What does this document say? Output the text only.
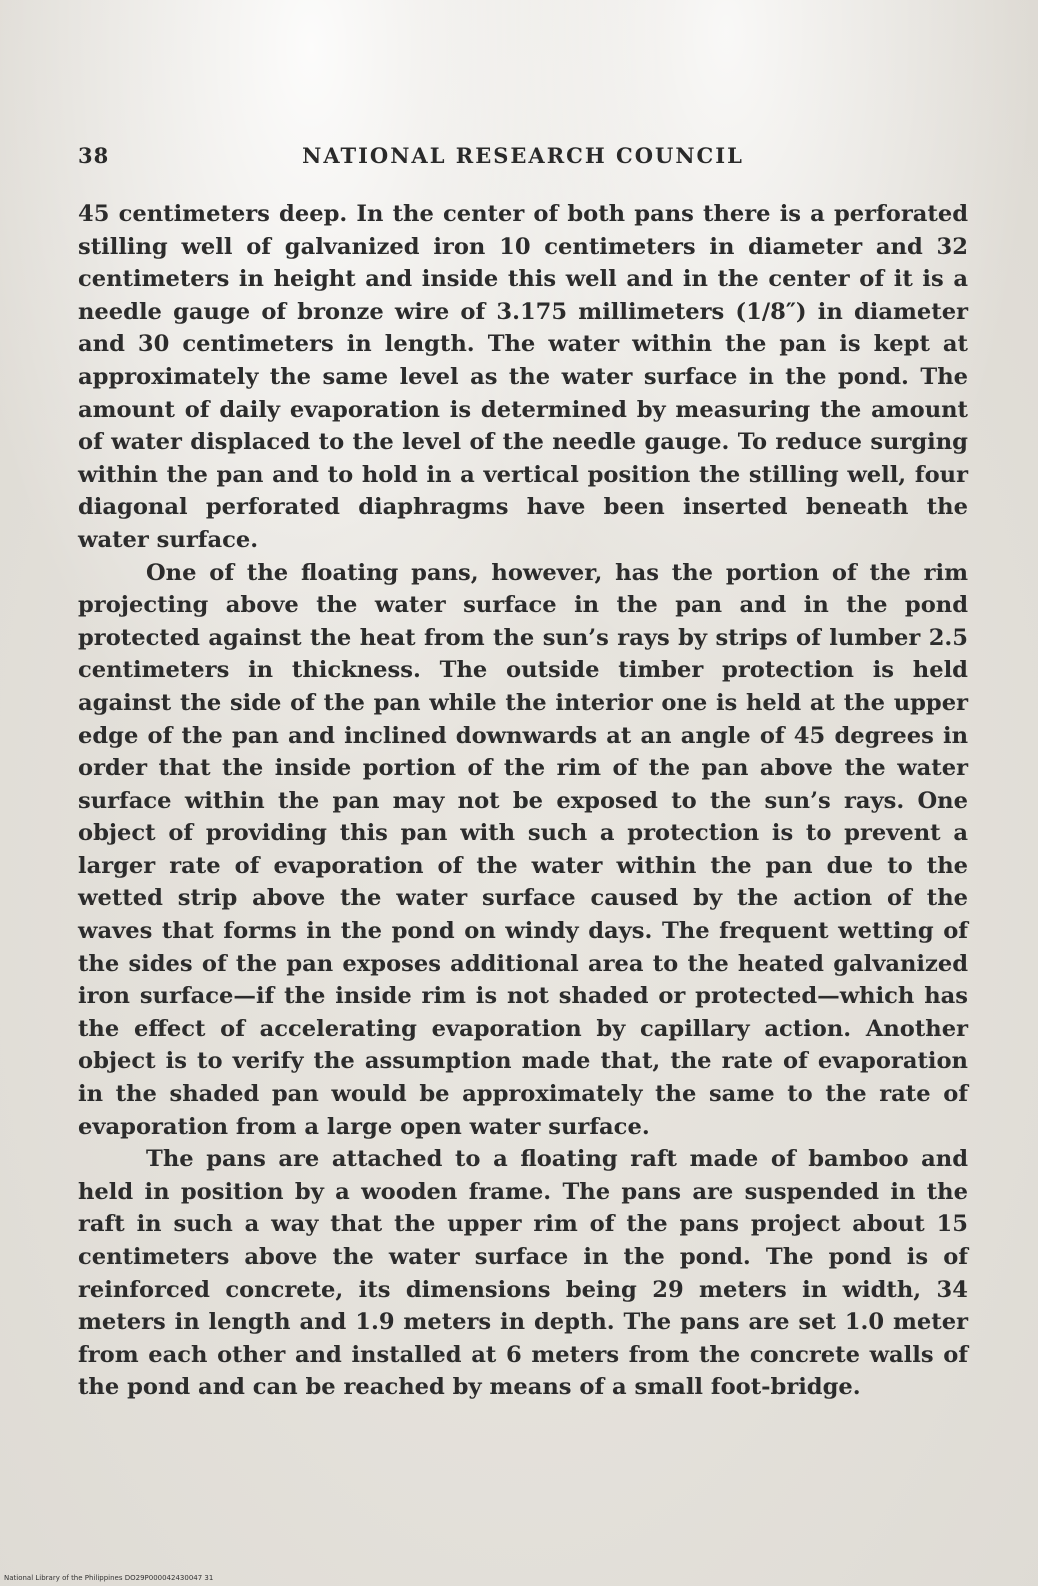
38	NATIONAL RESEARCH COUNCIL

45 centimeters deep. In the center of both pans there is a perforated stilling well of galvanized iron 10 centimeters in diameter and 32 centimeters in height and inside this well and in the center of it is a needle gauge of bronze wire of 3.175 millimeters (1/8″) in diameter and 30 centimeters in length. The water within the pan is kept at approximately the same level as the water surface in the pond. The amount of daily evaporation is determined by measuring the amount of water displaced to the level of the needle gauge. To reduce surging within the pan and to hold in a vertical position the stilling well, four diagonal perforated diaphragms have been inserted beneath the water surface.

One of the floating pans, however, has the portion of the rim projecting above the water surface in the pan and in the pond protected against the heat from the sun’s rays by strips of lumber 2.5 centimeters in thickness. The outside timber protection is held against the side of the pan while the interior one is held at the upper edge of the pan and inclined downwards at an angle of 45 degrees in order that the inside portion of the rim of the pan above the water surface within the pan may not be exposed to the sun’s rays. One object of providing this pan with such a protection is to prevent a larger rate of evaporation of the water within the pan due to the wetted strip above the water surface caused by the action of the waves that forms in the pond on windy days. The frequent wetting of the sides of the pan exposes additional area to the heated galvanized iron surface—if the inside rim is not shaded or protected—which has the effect of accelerating evaporation by capillary action. Another object is to verify the assumption made that, the rate of evaporation in the shaded pan would be approximately the same to the rate of evaporation from a large open water surface.

The pans are attached to a floating raft made of bamboo and held in position by a wooden frame. The pans are suspended in the raft in such a way that the upper rim of the pans project about 15 centimeters above the water surface in the pond. The pond is of reinforced concrete, its dimensions being 29 meters in width, 34 meters in length and 1.9 meters in depth. The pans are set 1.0 meter from each other and installed at 6 meters from the concrete walls of the pond and can be reached by means of a small foot-bridge.

National Library of the Philippines DO29P000042430047 31
